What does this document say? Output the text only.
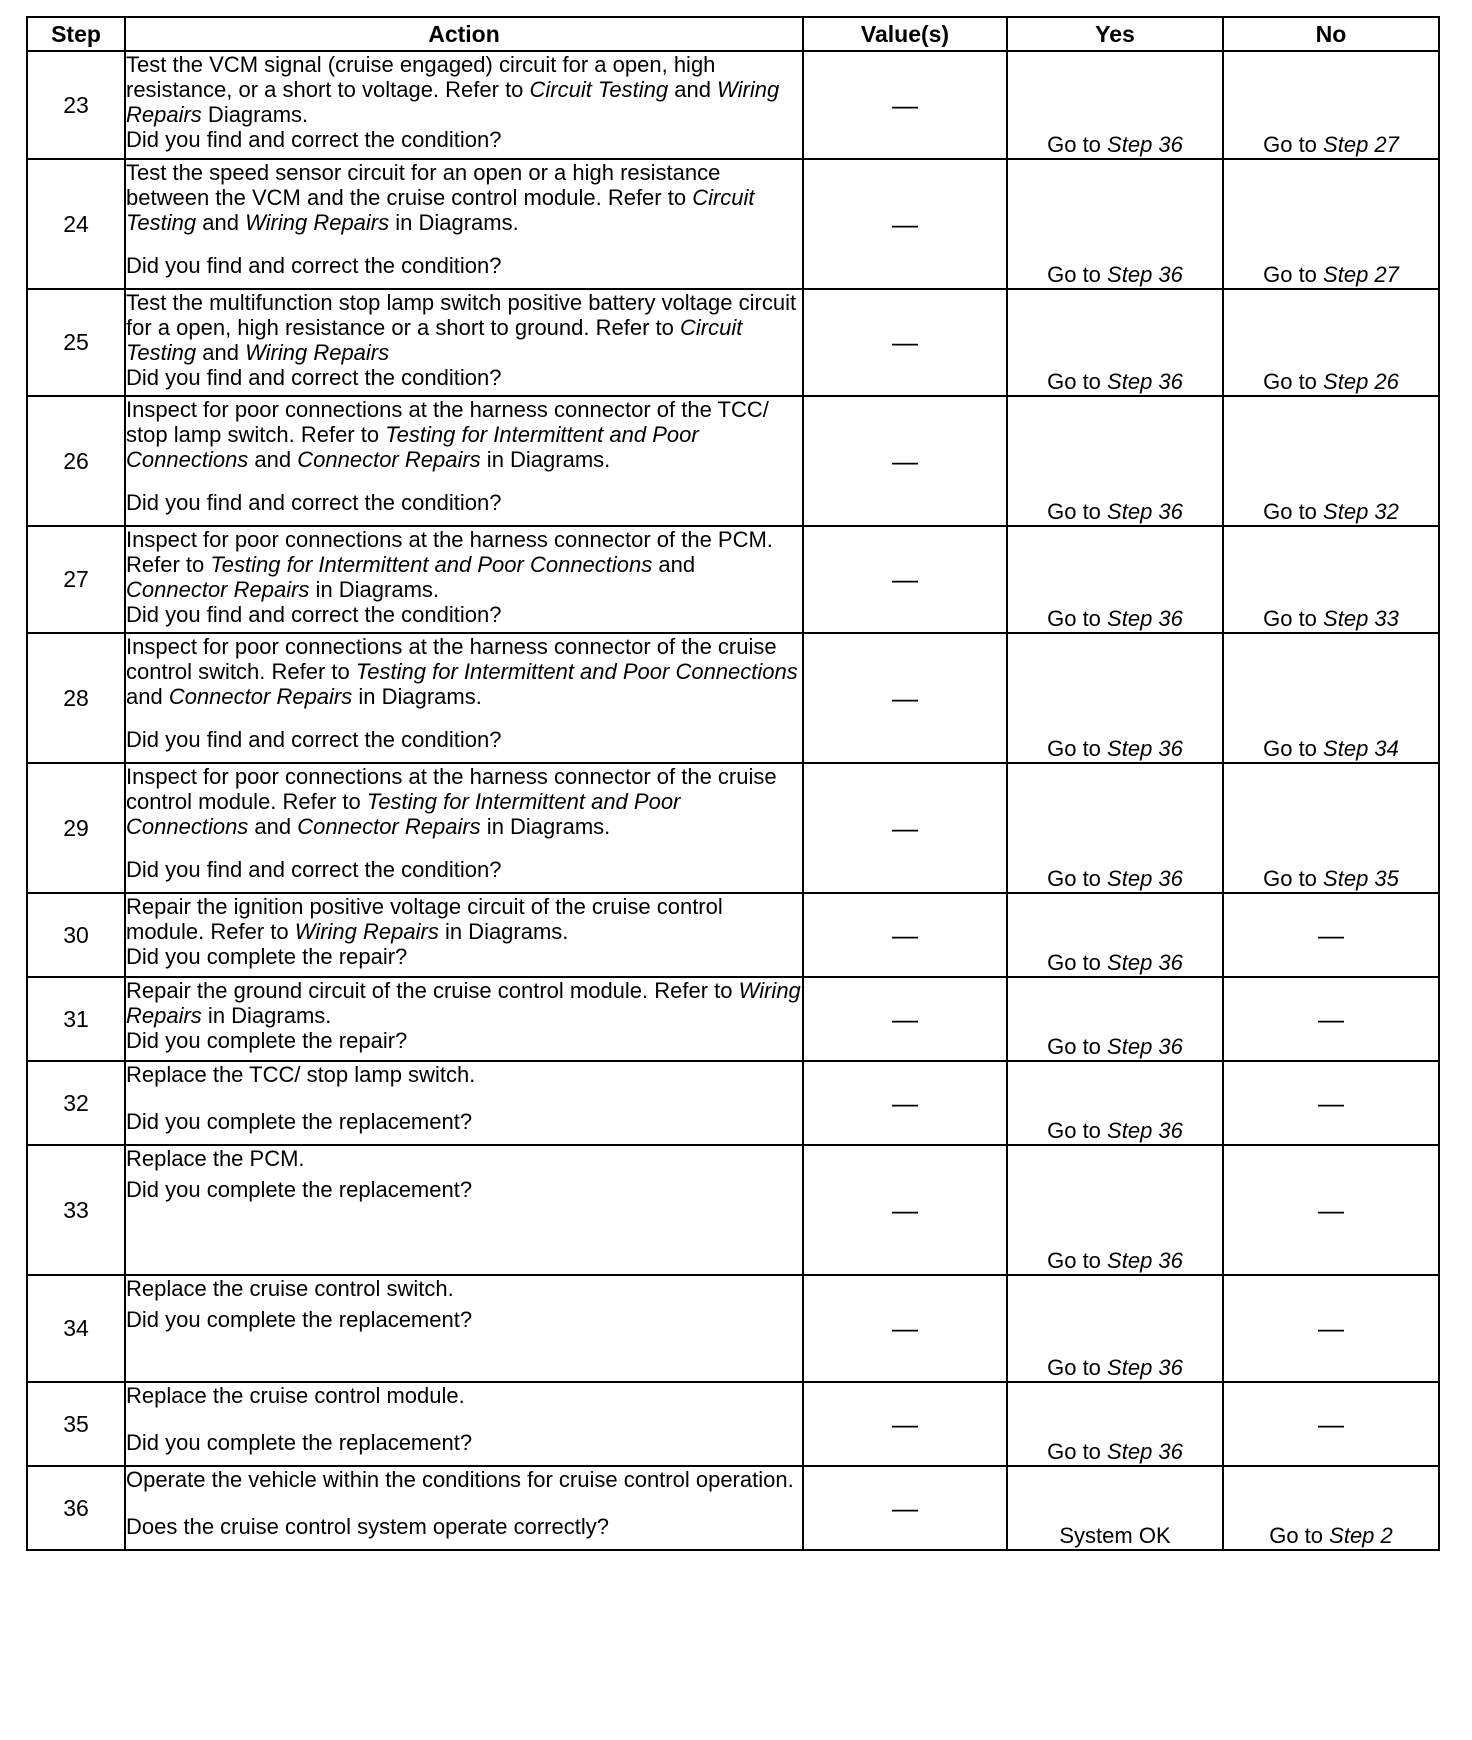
Step	Action	Value(s)	Yes	No
23	Test the VCM signal (cruise engaged) circuit for a open, high resistance, or a short to voltage. Refer to Circuit Testing and Wiring Repairs Diagrams.
Did you find and correct the condition?	—	Go to Step 36	Go to Step 27
24	Test the speed sensor circuit for an open or a high resistance between the VCM and the cruise control module. Refer to Circuit Testing and Wiring Repairs in Diagrams.
Did you find and correct the condition?	—	Go to Step 36	Go to Step 27
25	Test the multifunction stop lamp switch positive battery voltage circuit for a open, high resistance or a short to ground. Refer to Circuit Testing and Wiring Repairs
Did you find and correct the condition?	—	Go to Step 36	Go to Step 26
26	Inspect for poor connections at the harness connector of the TCC/ stop lamp switch. Refer to Testing for Intermittent and Poor Connections and Connector Repairs in Diagrams.
Did you find and correct the condition?	—	Go to Step 36	Go to Step 32
27	Inspect for poor connections at the harness connector of the PCM. Refer to Testing for Intermittent and Poor Connections and Connector Repairs in Diagrams.
Did you find and correct the condition?	—	Go to Step 36	Go to Step 33
28	Inspect for poor connections at the harness connector of the cruise control switch. Refer to Testing for Intermittent and Poor Connections and Connector Repairs in Diagrams.
Did you find and correct the condition?	—	Go to Step 36	Go to Step 34
29	Inspect for poor connections at the harness connector of the cruise control module. Refer to Testing for Intermittent and Poor Connections and Connector Repairs in Diagrams.
Did you find and correct the condition?	—	Go to Step 36	Go to Step 35
30	Repair the ignition positive voltage circuit of the cruise control module. Refer to Wiring Repairs in Diagrams.
Did you complete the repair?	—	Go to Step 36	—
31	Repair the ground circuit of the cruise control module. Refer to Wiring Repairs in Diagrams.
Did you complete the repair?	—	Go to Step 36	—
32	Replace the TCC/ stop lamp switch.
Did you complete the replacement?	—	Go to Step 36	—
33	Replace the PCM.
Did you complete the replacement?	—	Go to Step 36	—
34	Replace the cruise control switch.
Did you complete the replacement?	—	Go to Step 36	—
35	Replace the cruise control module.
Did you complete the replacement?	—	Go to Step 36	—
36	Operate the vehicle within the conditions for cruise control operation.
Does the cruise control system operate correctly?	—	System OK	Go to Step 2
